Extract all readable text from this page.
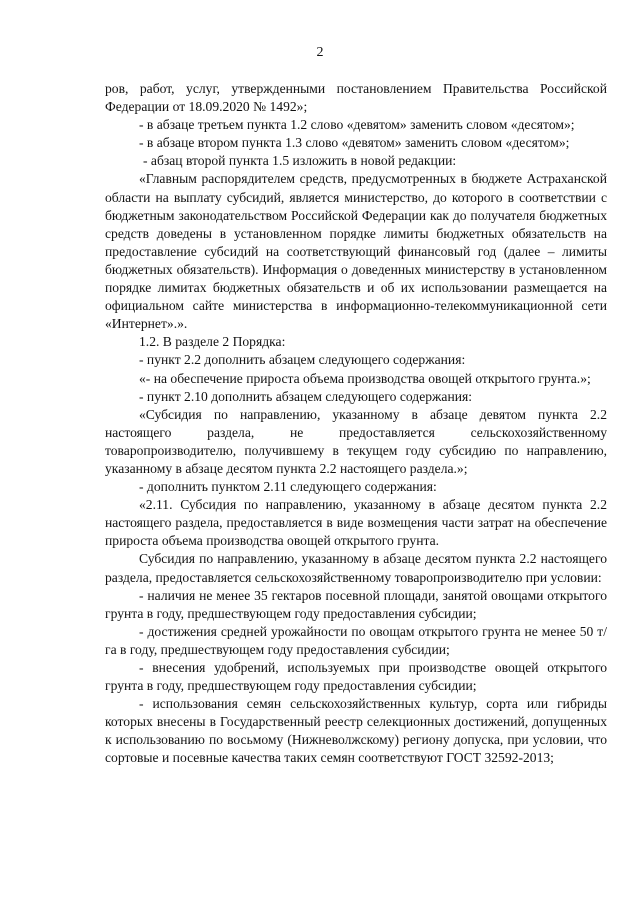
2

ров, работ, услуг, утвержденными постановлением Правительства Российской Федерации от 18.09.2020 № 1492»;

- в абзаце третьем пункта 1.2 слово «девятом» заменить словом «десятом»;

- в абзаце втором пункта 1.3 слово «девятом» заменить словом «десятом»;

- абзац второй пункта 1.5 изложить в новой редакции:

«Главным распорядителем средств, предусмотренных в бюджете Астраханской области на выплату субсидий, является министерство, до которого в соответствии с бюджетным законодательством Российской Федерации как до получателя бюджетных средств доведены в установленном порядке лимиты бюджетных обязательств на предоставление субсидий на соответствующий финансовый год (далее – лимиты бюджетных обязательств). Информация о доведенных министерству в установленном порядке лимитах бюджетных обязательств и об их использовании размещается на официальном сайте министерства в информационно-телекоммуникационной сети «Интернет».».

1.2. В разделе 2 Порядка:

- пункт 2.2 дополнить абзацем следующего содержания:

«- на обеспечение прироста объема производства овощей открытого грунта.»;

- пункт 2.10 дополнить абзацем следующего содержания:

«Субсидия по направлению, указанному в абзаце девятом пункта 2.2 настоящего раздела, не предоставляется сельскохозяйственному товаропроизводителю, получившему в текущем году субсидию по направлению, указанному в абзаце десятом пункта 2.2 настоящего раздела.»;

- дополнить пунктом 2.11 следующего содержания:

«2.11. Субсидия по направлению, указанному в абзаце десятом пункта 2.2 настоящего раздела, предоставляется в виде возмещения части затрат на обеспечение прироста объема производства овощей открытого грунта.

Субсидия по направлению, указанному в абзаце десятом пункта 2.2 настоящего раздела, предоставляется сельскохозяйственному товаропроизводителю при условии:

- наличия не менее 35 гектаров посевной площади, занятой овощами открытого грунта в году, предшествующем году предоставления субсидии;

- достижения средней урожайности по овощам открытого грунта не менее 50 т/га в году, предшествующем году предоставления субсидии;

- внесения удобрений, используемых при производстве овощей открытого грунта в году, предшествующем году предоставления субсидии;

- использования семян сельскохозяйственных культур, сорта или гибриды которых внесены в Государственный реестр селекционных достижений, допущенных к использованию по восьмому (Нижневолжскому) региону допуска, при условии, что сортовые и посевные качества таких семян соответствуют ГОСТ 32592-2013;
